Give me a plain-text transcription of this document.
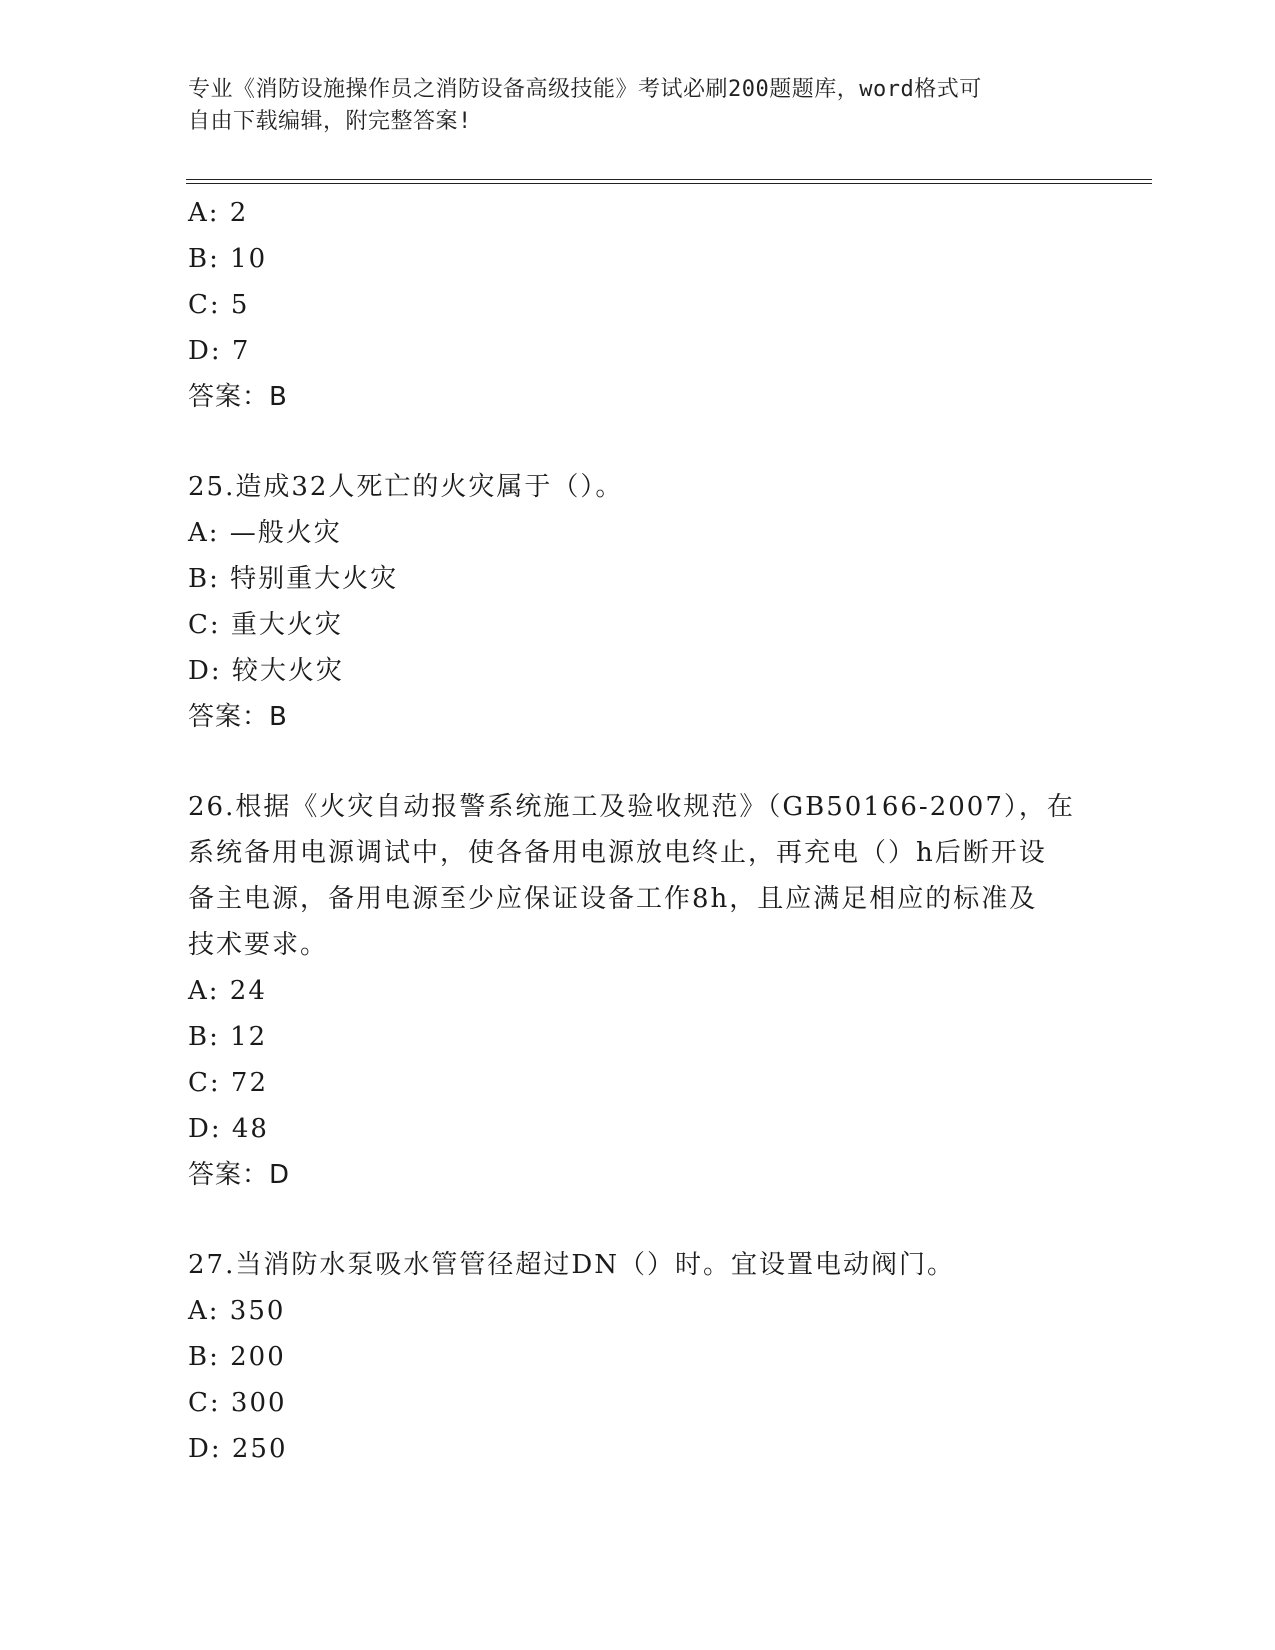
专业《消防设施操作员之消防设备高级技能》考试必刷200题题库，word格式可
自由下载编辑，附完整答案!
A: 2
B: 10
C: 5
D: 7
答案：B
25.造成32人死亡的火灾属于（）。
A: —般火灾
B: 特别重大火灾
C: 重大火灾
D: 较大火灾
答案：B
26.根据《火灾自动报警系统施工及验收规范》（GB50166-2007），在
系统备用电源调试中，使各备用电源放电终止，再充电（）h后断开设
备主电源，备用电源至少应保证设备工作8h，且应满足相应的标准及
技术要求。
A: 24
B: 12
C: 72
D: 48
答案：D
27.当消防水泵吸水管管径超过DN（）时。宜设置电动阀门。
A: 350
B: 200
C: 300
D: 250
